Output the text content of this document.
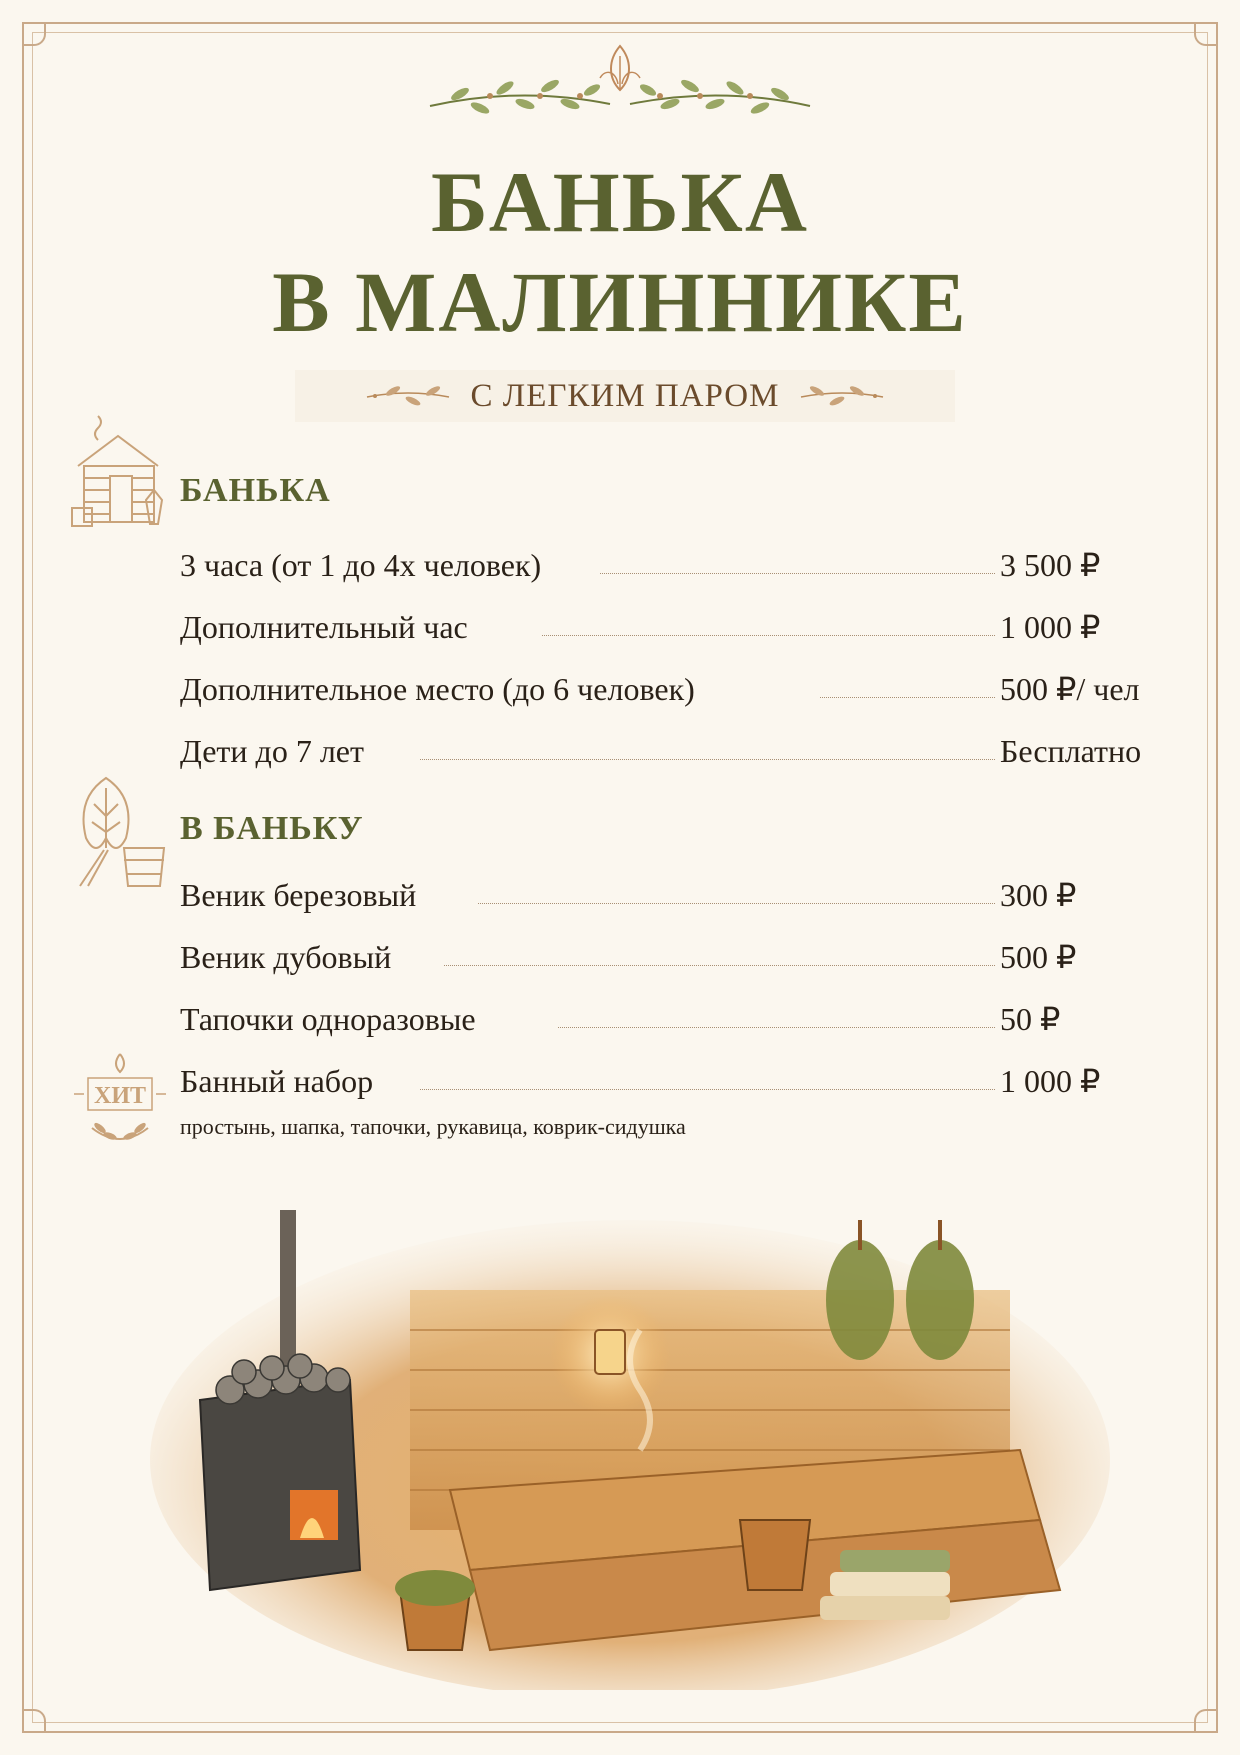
БАНЬКА
В МАЛИННИКЕ
С ЛЕГКИМ ПАРОМ
БАНЬКА
3 часа (от 1 до 4х человек)	3 500 ₽
Дополнительный час	1 000 ₽
Дополнительное место (до 6 человек)	500 ₽/ чел
Дети до 7 лет	Бесплатно
В БАНЬКУ
Веник березовый	300 ₽
Веник дубовый	500 ₽
Тапочки одноразовые	50 ₽
Банный набор	1 000 ₽
простынь, шапка, тапочки, рукавица, коврик-сидушка
ХИТ
